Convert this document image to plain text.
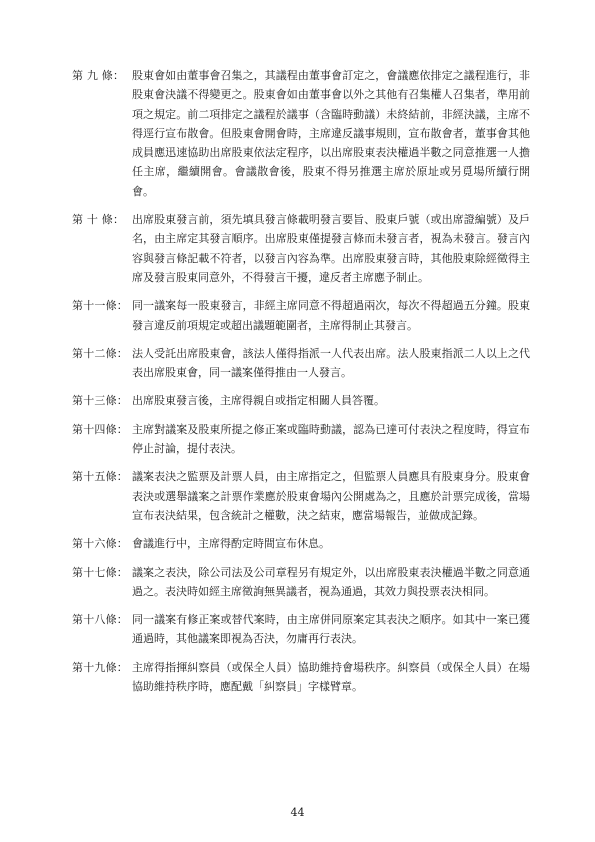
第 九 條： 股東會如由董事會召集之，其議程由董事會訂定之，會議應依排定之議程進行，非股東會決議不得變更之。股東會如由董事會以外之其他有召集權人召集者，準用前項之規定。前二項排定之議程於議事（含臨時動議）未終結前，非經決議，主席不得逕行宣布散會。但股東會開會時，主席違反議事規則，宣布散會者，董事會其他成員應迅速協助出席股東依法定程序，以出席股東表決權過半數之同意推選一人擔任主席，繼續開會。會議散會後，股東不得另推選主席於原址或另覓場所續行開會。
第 十 條： 出席股東發言前，須先填具發言條載明發言要旨、股東戶號（或出席證編號）及戶名，由主席定其發言順序。出席股東僅提發言條而未發言者，視為未發言。發言內容與發言條記載不符者，以發言內容為準。出席股東發言時，其他股東除經徵得主席及發言股東同意外，不得發言干擾，違反者主席應予制止。
第十一條： 同一議案每一股東發言，非經主席同意不得超過兩次，每次不得超過五分鐘。股東發言違反前項規定或超出議題範圍者，主席得制止其發言。
第十二條： 法人受託出席股東會，該法人僅得指派一人代表出席。法人股東指派二人以上之代表出席股東會，同一議案僅得推由一人發言。
第十三條： 出席股東發言後，主席得親自或指定相關人員答覆。
第十四條： 主席對議案及股東所提之修正案或臨時動議，認為已達可付表決之程度時，得宣布停止討論，提付表決。
第十五條： 議案表決之監票及計票人員，由主席指定之，但監票人員應具有股東身分。股東會表決或選舉議案之計票作業應於股東會場內公開處為之，且應於計票完成後，當場宣布表決結果，包含統計之權數，決之結束，應當場報告，並做成記錄。
第十六條： 會議進行中，主席得酌定時間宣布休息。
第十七條： 議案之表決，除公司法及公司章程另有規定外，以出席股東表決權過半數之同意通過之。表決時如經主席徵詢無異議者，視為通過，其效力與投票表決相同。
第十八條： 同一議案有修正案或替代案時，由主席併同原案定其表決之順序。如其中一案已獲通過時，其他議案即視為否決，勿庸再行表決。
第十九條： 主席得指揮糾察員（或保全人員）協助維持會場秩序。糾察員（或保全人員）在場協助維持秩序時，應配戴「糾察員」字樣臂章。
44
